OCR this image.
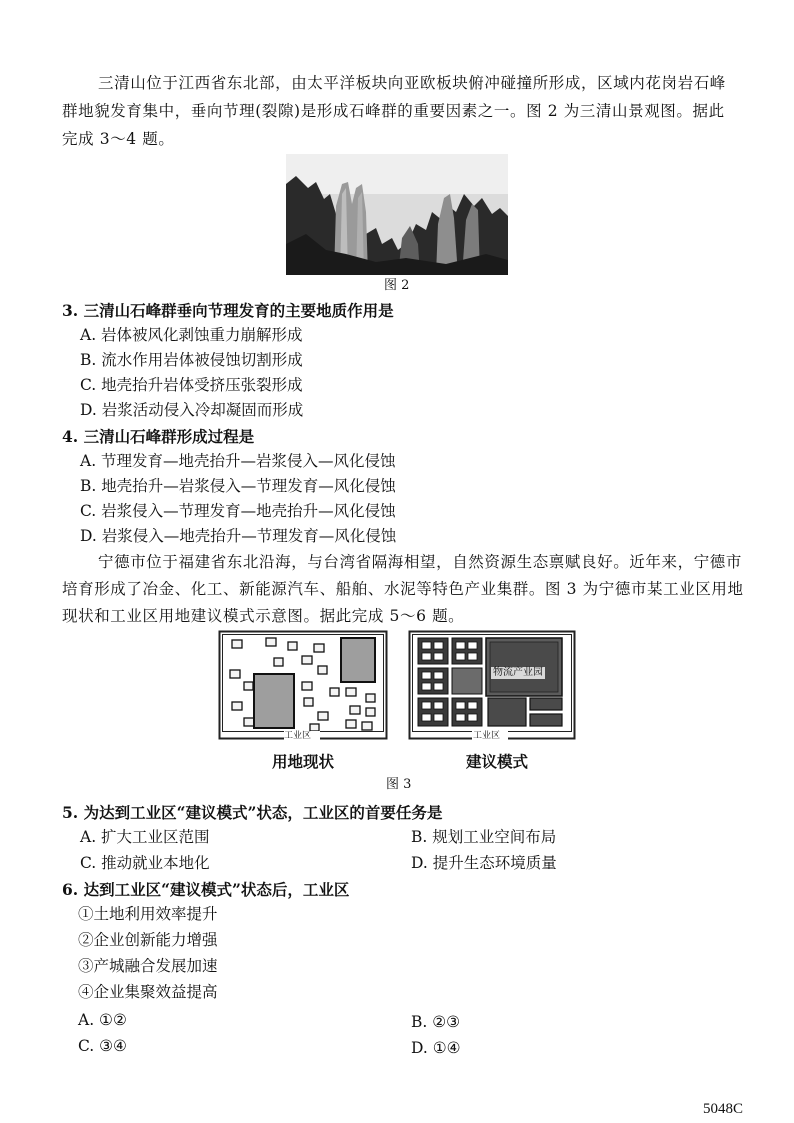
三清山位于江西省东北部，由太平洋板块向亚欧板块俯冲碰撞所形成，区域内花岗岩石峰
群地貌发育集中，垂向节理(裂隙)是形成石峰群的重要因素之一。图 2 为三清山景观图。据此
完成 3～4 题。
图 2
3. 三清山石峰群垂向节理发育的主要地质作用是
A. 岩体被风化剥蚀重力崩解形成
B. 流水作用岩体被侵蚀切割形成
C. 地壳抬升岩体受挤压张裂形成
D. 岩浆活动侵入冷却凝固而形成
4. 三清山石峰群形成过程是
A. 节理发育—地壳抬升—岩浆侵入—风化侵蚀
B. 地壳抬升—岩浆侵入—节理发育—风化侵蚀
C. 岩浆侵入—节理发育—地壳抬升—风化侵蚀
D. 岩浆侵入—地壳抬升—节理发育—风化侵蚀
宁德市位于福建省东北沿海，与台湾省隔海相望，自然资源生态禀赋良好。近年来，宁德市
培育形成了冶金、化工、新能源汽车、船舶、水泥等特色产业集群。图 3 为宁德市某工业区用地
现状和工业区用地建议模式示意图。据此完成 5～6 题。
工业区
物流产业园
工业区
用地现状	建议模式
图 3
5. 为达到工业区“建议模式”状态，工业区的首要任务是
A. 扩大工业区范围	B. 规划工业空间布局
C. 推动就业本地化	D. 提升生态环境质量
6. 达到工业区“建议模式”状态后，工业区
①土地利用效率提升
②企业创新能力增强
③产城融合发展加速
④企业集聚效益提高
A. ①②	B. ②③
C. ③④	D. ①④
5048C
